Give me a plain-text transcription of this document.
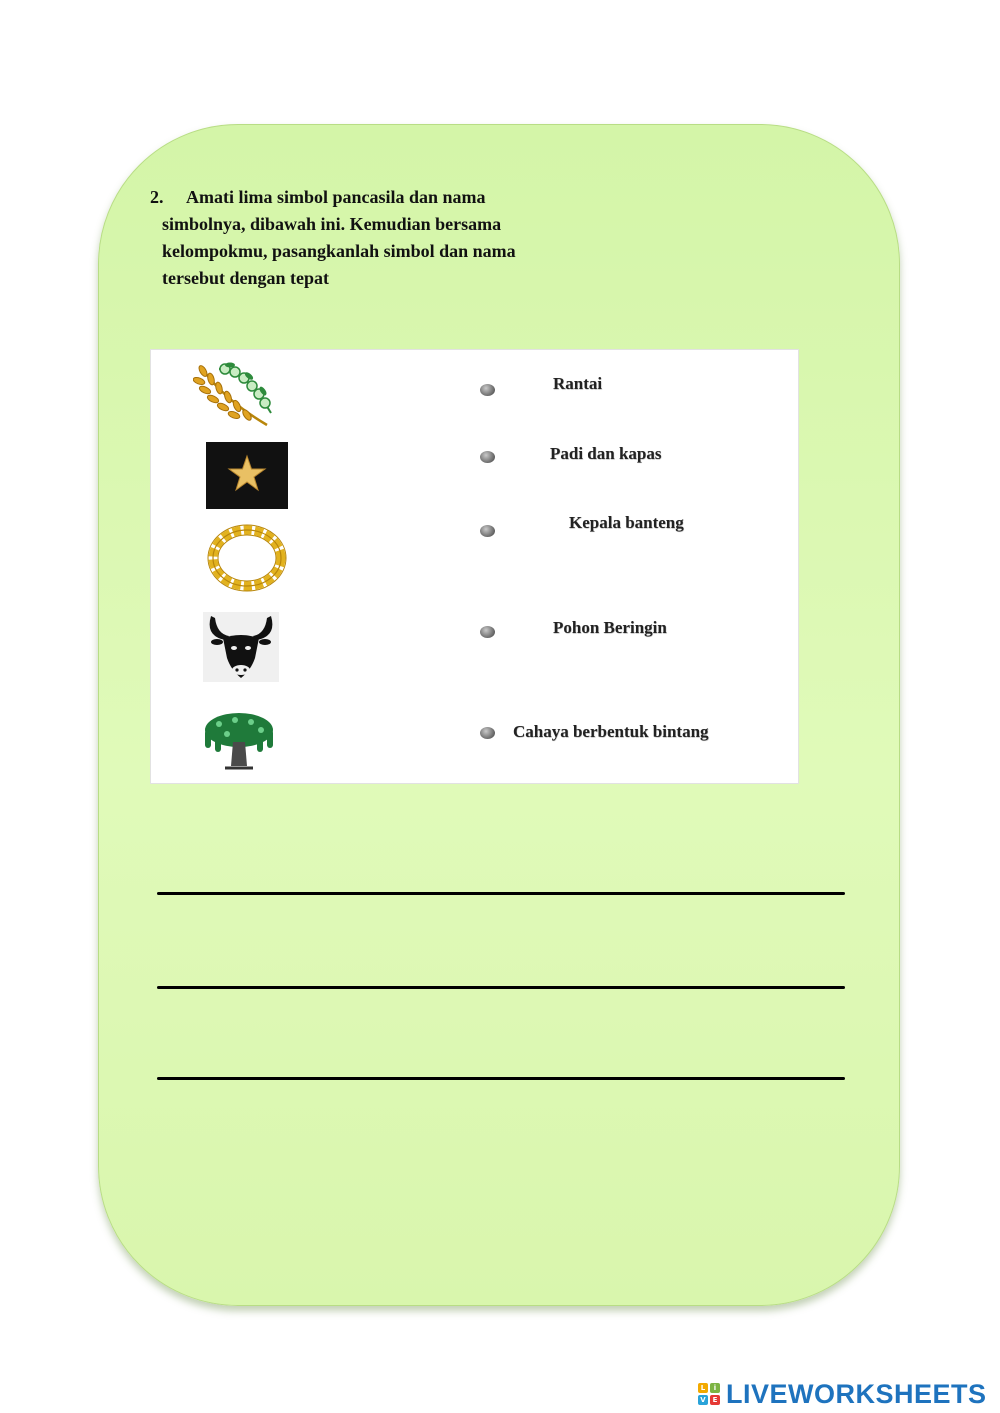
2. Amati lima simbol pancasila dan nama
simbolnya, dibawah ini. Kemudian bersama kelompokmu, pasangkanlah simbol dan nama tersebut dengan tepat
Rantai
Padi dan kapas
Kepala banteng
Pohon Beringin
Cahaya berbentuk bintang
L	i
V E LIVEWORKSHEETS
